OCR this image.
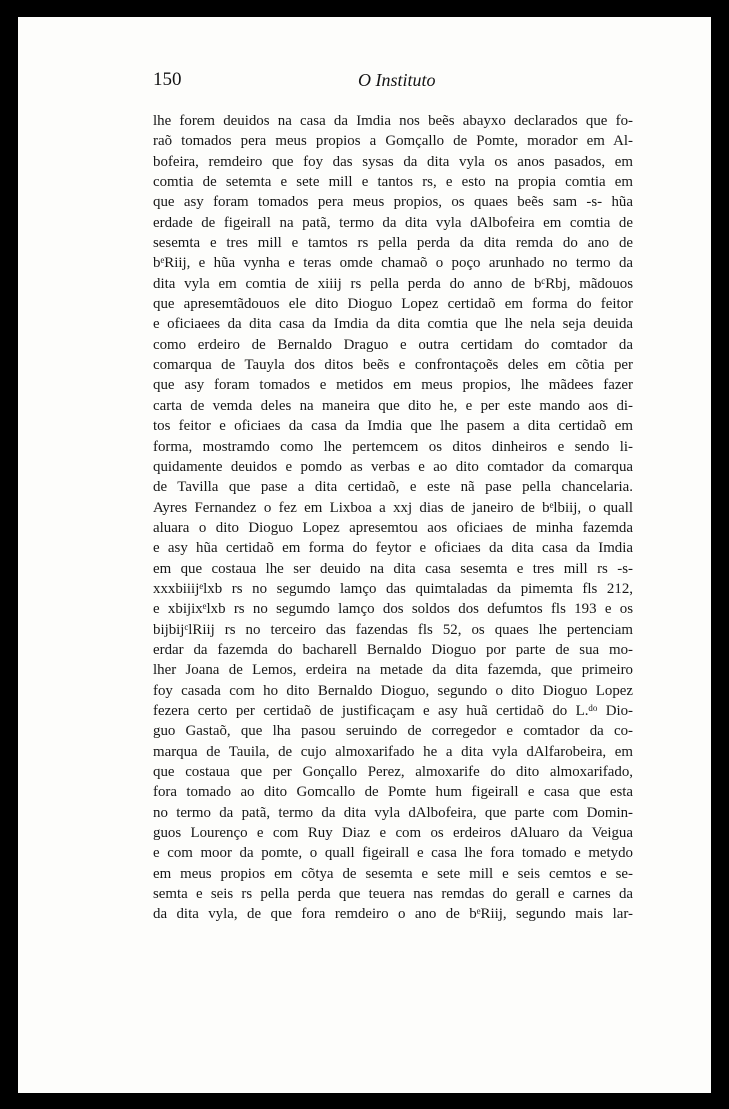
150	O Instituto
lhe forem deuidos na casa da Imdia nos beẽs abayxo declarados que fo-
raõ tomados pera meus propios a Gomçallo de Pomte, morador em Al-
bofeira, remdeiro que foy das sysas da dita vyla os anos pasados, em
comtia de setemta e sete mill e tantos rs, e esto na propia comtia em
que asy foram tomados pera meus propios, os quaes beẽs sam -s- hũa
erdade de figeirall na patã, termo da dita vyla dAlbofeira em comtia de
sesemta e tres mill e tamtos rs pella perda da dita remda do ano de
bᵉRiij, e hũa vynha e teras omde chamaõ o poço arunhado no termo da
dita vyla em comtia de xiiij rs pella perda do anno de bᶜRbj, mãdouos
que apresemtãdouos ele dito Dioguo Lopez certidaõ em forma do feitor
e oficiaees da dita casa da Imdia da dita comtia que lhe nela seja deuida
como erdeiro de Bernaldo Draguo e outra certidam do comtador da
comarqua de Tauyla dos ditos beẽs e confrontaçoẽs deles em cõtia per
que asy foram tomados e metidos em meus propios, lhe mãdees fazer
carta de vemda deles na maneira que dito he, e per este mando aos di-
tos feitor e oficiaes da casa da Imdia que lhe pasem a dita certidaõ em
forma, mostramdo como lhe pertemcem os ditos dinheiros e sendo li-
quidamente deuidos e pomdo as verbas e ao dito comtador da comarqua
de Tavilla que pase a dita certidaõ, e este nã pase pella chancelaria.
Ayres Fernandez o fez em Lixboa a xxj dias de janeiro de bᵉlbiij, o quall
aluara o dito Dioguo Lopez apresemtou aos oficiaes de minha fazemda
e asy hũa certidaõ em forma do feytor e oficiaes da dita casa da Imdia
em que costaua lhe ser deuido na dita casa sesemta e tres mill rs -s-
xxxbiiijᵉlxb rs no segumdo lamço das quimtaladas da pimemta fls 212,
e xbijixᵉlxb rs no segumdo lamço dos soldos dos defumtos fls 193 e os
bijbijᶜlRiij rs no terceiro das fazendas fls 52, os quaes lhe pertenciam
erdar da fazemda do bacharell Bernaldo Dioguo por parte de sua mo-
lher Joana de Lemos, erdeira na metade da dita fazemda, que primeiro
foy casada com ho dito Bernaldo Dioguo, segundo o dito Dioguo Lopez
fezera certo per certidaõ de justificaçam e asy huã certidaõ do L.ᵈᵒ Dio-
guo Gastaõ, que lha pasou seruindo de corregedor e comtador da co-
marqua de Tauila, de cujo almoxarifado he a dita vyla dAlfarobeira, em
que costaua que per Gonçallo Perez, almoxarife do dito almoxarifado,
fora tomado ao dito Gomcallo de Pomte hum figeirall e casa que esta
no termo da patã, termo da dita vyla dAlbofeira, que parte com Domin-
guos Lourenço e com Ruy Diaz e com os erdeiros dAluaro da Veigua
e com moor da pomte, o quall figeirall e casa lhe fora tomado e metydo
em meus propios em cõtya de sesemta e sete mill e seis cemtos e se-
semta e seis rs pella perda que teuera nas remdas do gerall e carnes da
da dita vyla, de que fora remdeiro o ano de bᵉRiij, segundo mais lar-
